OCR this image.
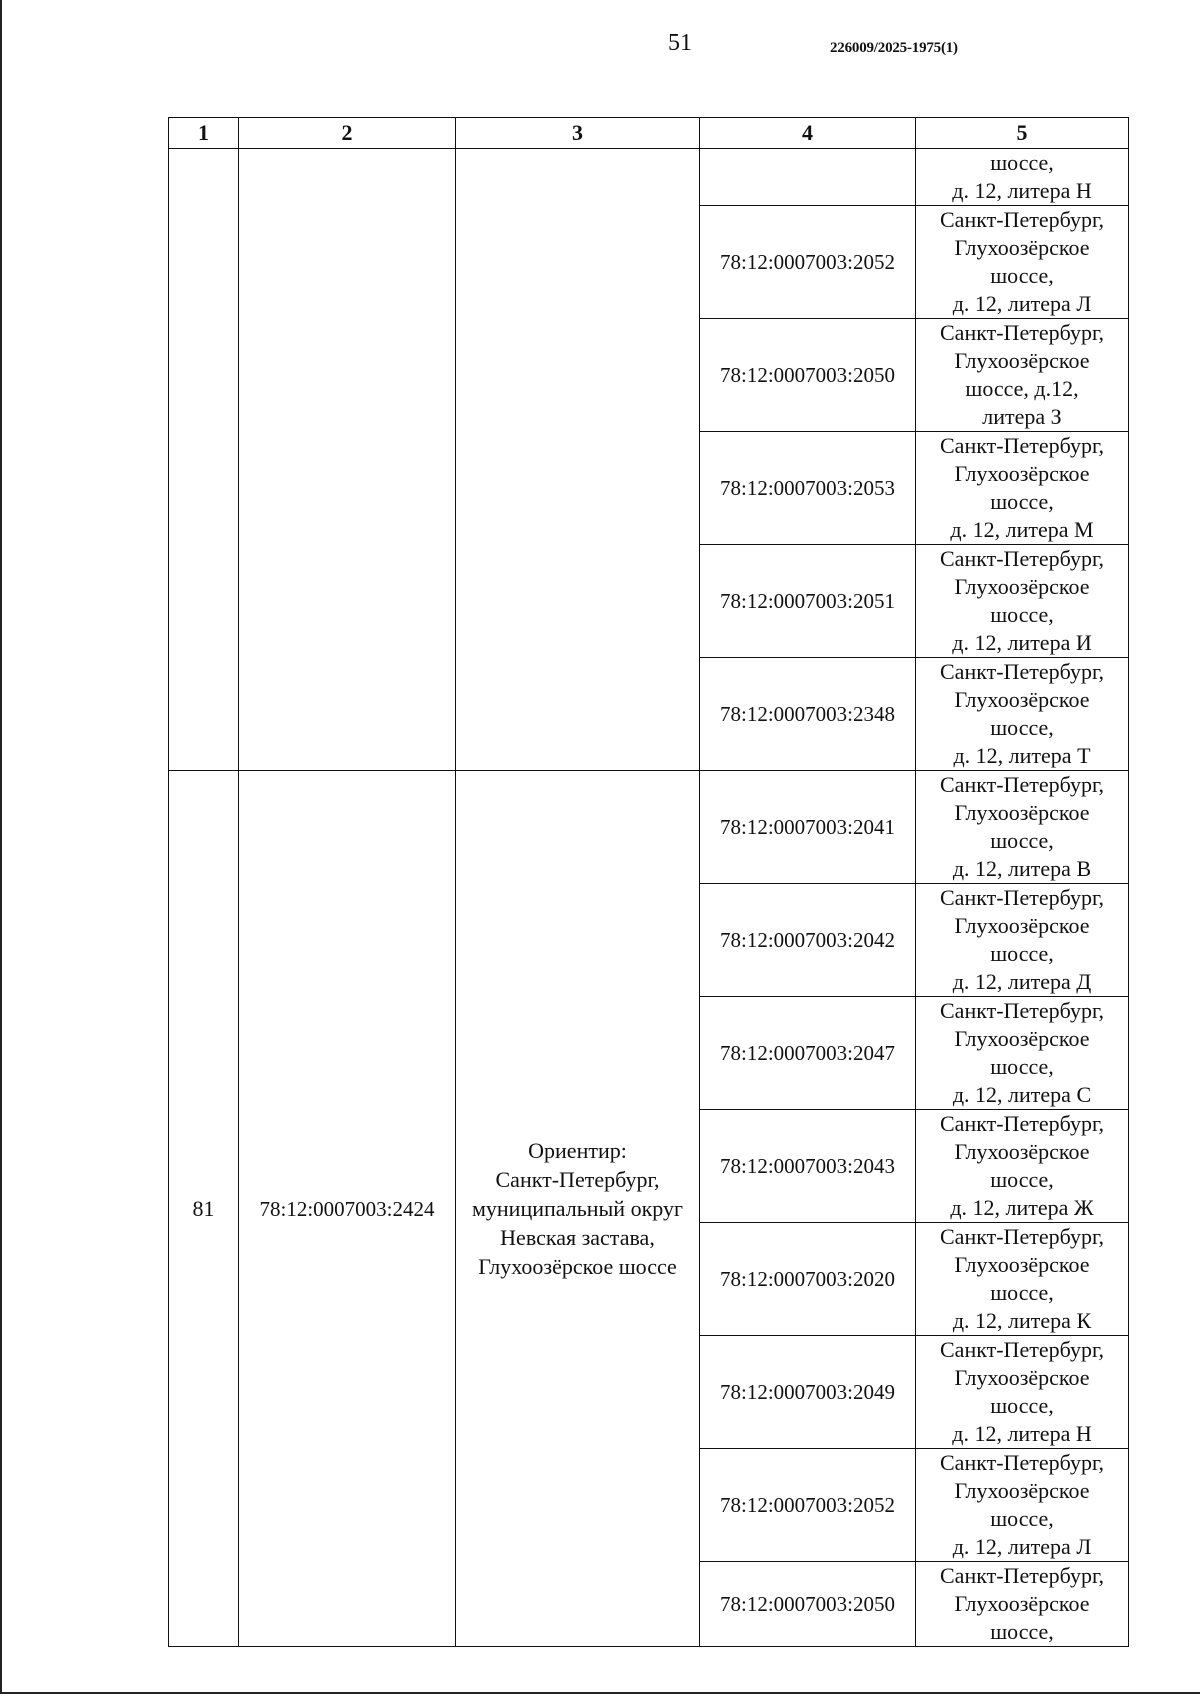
51	226009/2025-1975(1)
1	2	3	4	5

				шоссе,
д. 12, литера Н

			78:12:0007003:2052	Санкт-Петербург,
Глухоозёрское
шоссе,
д. 12, литера Л

			78:12:0007003:2050	Санкт-Петербург,
Глухоозёрское
шоссе, д.12,
литера З

			78:12:0007003:2053	Санкт-Петербург,
Глухоозёрское
шоссе,
д. 12, литера М

			78:12:0007003:2051	Санкт-Петербург,
Глухоозёрское
шоссе,
д. 12, литера И

			78:12:0007003:2348	Санкт-Петербург,
Глухоозёрское
шоссе,
д. 12, литера Т

81	78:12:0007003:2424	Ориентир:
Санкт-Петербург,
муниципальный округ
Невская застава,
Глухоозёрское шоссе	78:12:0007003:2041	Санкт-Петербург,
Глухоозёрское
шоссе,
д. 12, литера В

			78:12:0007003:2042	Санкт-Петербург,
Глухоозёрское
шоссе,
д. 12, литера Д

			78:12:0007003:2047	Санкт-Петербург,
Глухоозёрское
шоссе,
д. 12, литера С

			78:12:0007003:2043	Санкт-Петербург,
Глухоозёрское
шоссе,
д. 12, литера Ж

			78:12:0007003:2020	Санкт-Петербург,
Глухоозёрское
шоссе,
д. 12, литера К

			78:12:0007003:2049	Санкт-Петербург,
Глухоозёрское
шоссе,
д. 12, литера Н

			78:12:0007003:2052	Санкт-Петербург,
Глухоозёрское
шоссе,
д. 12, литера Л

			78:12:0007003:2050	Санкт-Петербург,
Глухоозёрское
шоссе,
